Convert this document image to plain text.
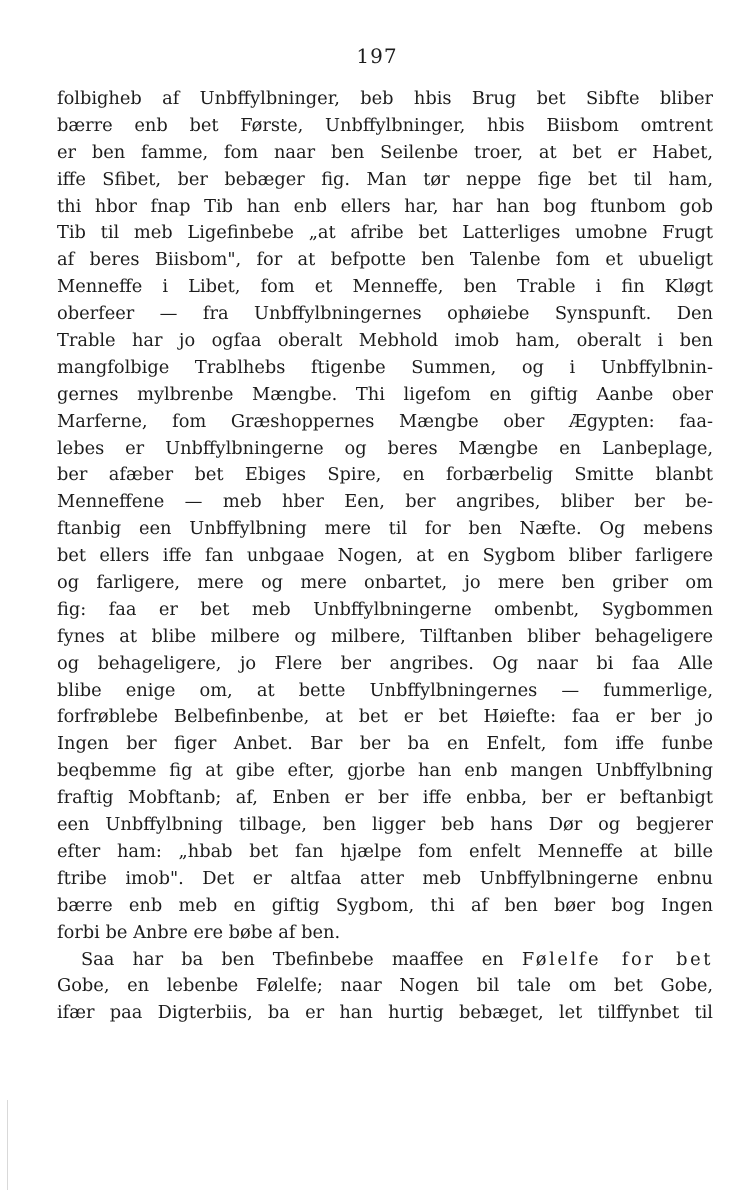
197
folbigheb af Unbffylbninger, beb hbis Brug bet Sibfte bliber
bærre enb bet Første, Unbffylbninger, hbis Biisbom omtrent
er ben famme, fom naar ben Seilenbe troer, at bet er Habet,
iffe Sfibet, ber bebæger fig. Man tør neppe fige bet til ham,
thi hbor fnap Tib han enb ellers har, har han bog ftunbom gob
Tib til meb Ligefinbebe „at afribe bet Latterliges umobne Frugt
af beres Biisbom", for at befpotte ben Talenbe fom et ubueligt
Menneffe i Libet, fom et Menneffe, ben Trable i fin Kløgt
oberfeer — fra Unbffylbningernes ophøiebe Synspunft. Den
Trable har jo ogfaa oberalt Mebhold imob ham, oberalt i ben
mangfolbige Trablhebs ftigenbe Summen, og i Unbffylbnin-
gernes mylbrenbe Mængbe. Thi ligefom en giftig Aanbe ober
Marferne, fom Græshoppernes Mængbe ober Ægypten: faa-
lebes er Unbffylbningerne og beres Mængbe en Lanbeplage,
ber afæber bet Ebiges Spire, en forbærbelig Smitte blanbt
Menneffene — meb hber Een, ber angribes, bliber ber be-
ftanbig een Unbffylbning mere til for ben Næfte. Og mebens
bet ellers iffe fan unbgaae Nogen, at en Sygbom bliber farligere
og farligere, mere og mere onbartet, jo mere ben griber om
fig: faa er bet meb Unbffylbningerne ombenbt, Sygbommen
fynes at blibe milbere og milbere, Tilftanben bliber behageligere
og behageligere, jo Flere ber angribes. Og naar bi faa Alle
blibe enige om, at bette Unbffylbningernes — fummerlige,
forfrøblebe Belbefinbenbe, at bet er bet Høiefte: faa er ber jo
Ingen ber figer Anbet. Bar ber ba en Enfelt, fom iffe funbe
beqbemme fig at gibe efter, gjorbe han enb mangen Unbffylbning
fraftig Mobftanb; af, Enben er ber iffe enbba, ber er beftanbigt
een Unbffylbning tilbage, ben ligger beb hans Dør og begjerer
efter ham: „hbab bet fan hjælpe fom enfelt Menneffe at bille
ftribe imob". Det er altfaa atter meb Unbffylbningerne enbnu
bærre enb meb en giftig Sygbom, thi af ben bøer bog Ingen
forbi be Anbre ere bøbe af ben.
Saa har ba ben Tbefinbebe maaffee en Følelfe for bet
Gobe, en lebenbe Følelfe; naar Nogen bil tale om bet Gobe,
ifær paa Digterbiis, ba er han hurtig bebæget, let tilffynbet til
